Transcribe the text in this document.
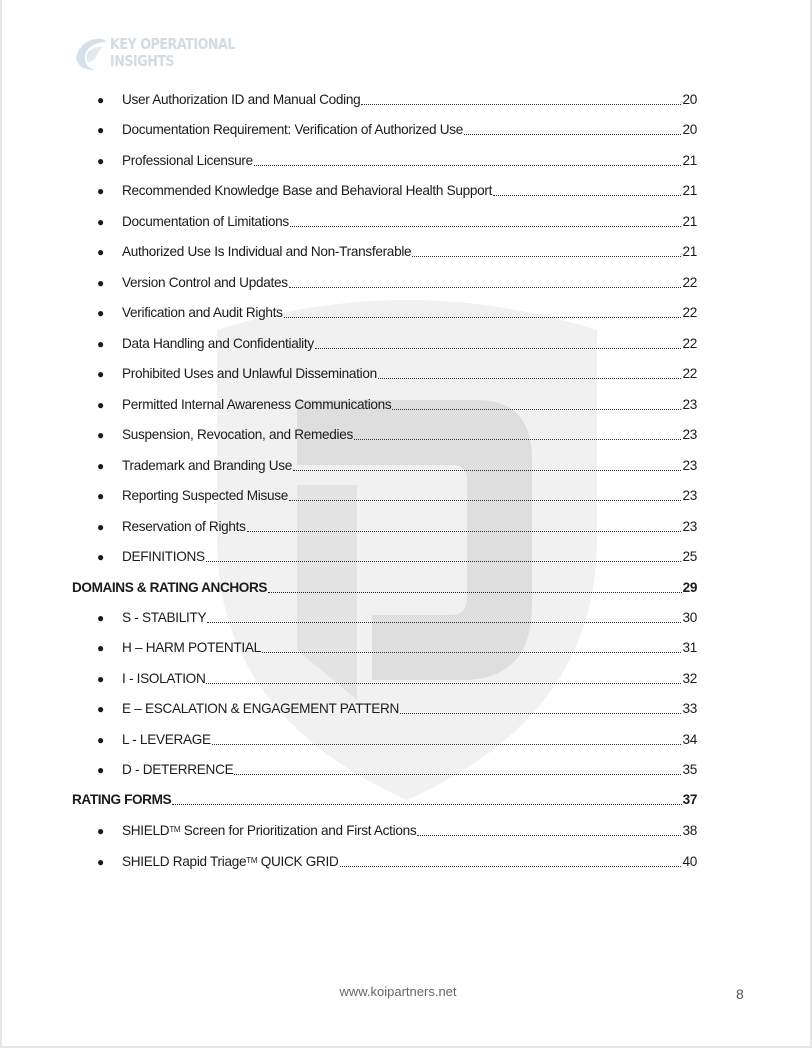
KEY OPERATIONAL
INSIGHTS
●	User Authorization ID and Manual Coding	20
●	Documentation Requirement: Verification of Authorized Use	20
●	Professional Licensure	21
●	Recommended Knowledge Base and Behavioral Health Support	21
●	Documentation of Limitations	21
●	Authorized Use Is Individual and Non-Transferable	21
●	Version Control and Updates	22
●	Verification and Audit Rights	22
●	Data Handling and Confidentiality	22
●	Prohibited Uses and Unlawful Dissemination	22
●	Permitted Internal Awareness Communications	23
●	Suspension, Revocation, and Remedies	23
●	Trademark and Branding Use	23
●	Reporting Suspected Misuse	23
●	Reservation of Rights	23
●	DEFINITIONS	25
DOMAINS & RATING ANCHORS	29
●	S - STABILITY	30
●	H – HARM POTENTIAL	31
●	I - ISOLATION	32
●	E – ESCALATION & ENGAGEMENT PATTERN	33
●	L - LEVERAGE	34
●	D - DETERRENCE	35
RATING FORMS	37
●	SHIELD™ Screen for Prioritization and First Actions	38
●	SHIELD Rapid Triage™ QUICK GRID	40
www.koipartners.net	8
